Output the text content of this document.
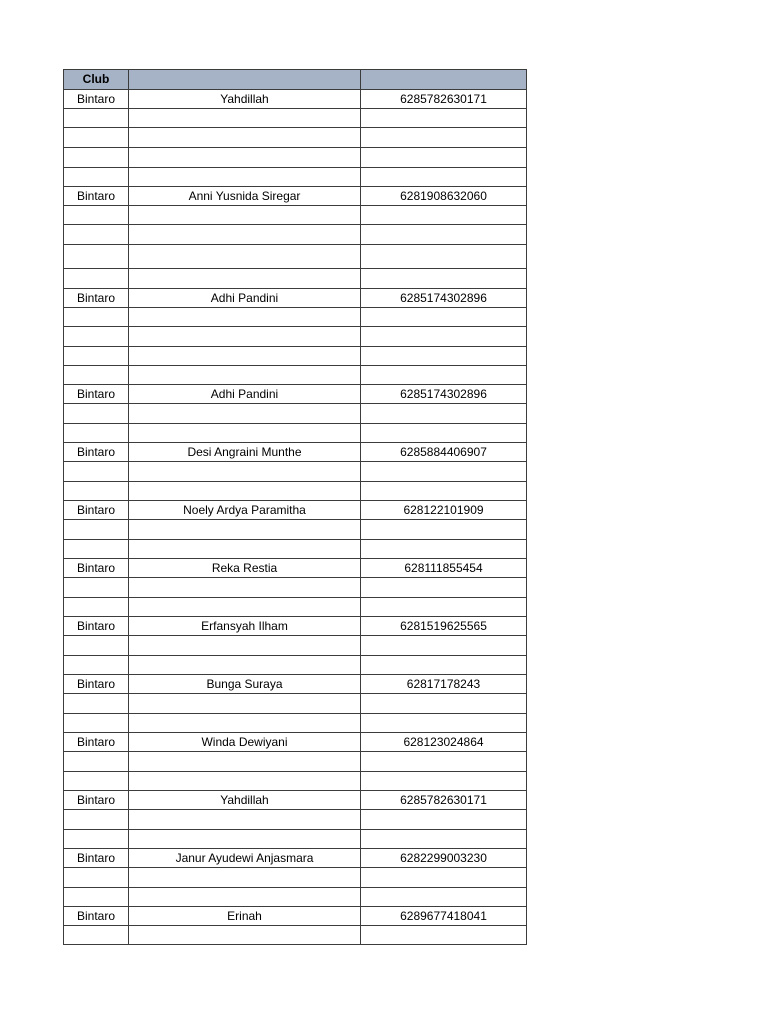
Club		
Bintaro	Yahdillah	6285782630171

Bintaro	Anni Yusnida Siregar	6281908632060

Bintaro	Adhi Pandini	6285174302896

Bintaro	Adhi Pandini	6285174302896

Bintaro	Desi Angraini Munthe	6285884406907

Bintaro	Noely Ardya Paramitha	628122101909

Bintaro	Reka Restia	628111855454

Bintaro	Erfansyah Ilham	6281519625565

Bintaro	Bunga Suraya	62817178243

Bintaro	Winda Dewiyani	628123024864

Bintaro	Yahdillah	6285782630171

Bintaro	Janur Ayudewi Anjasmara	6282299003230

Bintaro	Erinah	6289677418041
